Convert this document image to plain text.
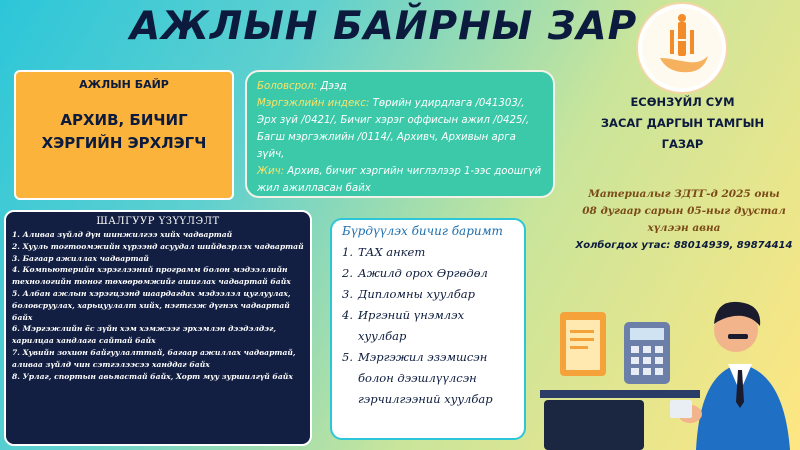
АЖЛЫН БАЙРНЫ ЗАР
АЖЛЫН БАЙР
АРХИВ, БИЧИГ ХЭРГИЙН ЭРХЛЭГЧ

Боловсрол: Дээд

Мэргэжлийн индекс: Төрийн удирдлага /041303/, Эрх зүй /0421/, Бичиг хэрэг оффисын ажил /0425/, Багш мэргэжлийн /0114/, Архивч, Архивын арга зүйч,

Жич: Архив, бичиг хэргийн чиглэлээр 1-ээс доошгүй жил ажилласан байх

ЕСӨНЗҮЙЛ СУМ
ЗАСАГ ДАРГЫН ТАМГЫН
ГАЗАР
Материалыг ЗДТГ-д 2025 оны
08 дугаар сарын 05-ныг дуустал
хүлээн авна
Холбогдох утас: 88014939, 89874414
ШАЛГУУР ҮЗҮҮЛЭЛТ
1. Аливаа зүйлд дүн шинжилгээ хийх чадвартай
2. Хууль тогтоомжийн хүрээнд асуудал шийдвэрлэх чадвартай
3. Багаар ажиллах чадвартай
4. Компьютерийн хэрэглээний программ болон мэдээллийн технологийн тоног төхөөрөмжийг ашиглах чадвартай байх
5. Албан ажлын хэрэгцээнд шаардагдах мэдээлэл цуглуулах, боловсруулах, харьцуулалт хийх, нэгтгэж дүгнэх чадвартай байх
6. Мэргэжлийн ёс зүйн хэм хэмжээг эрхэмлэн дээдэлдэг, харилцаа хандлага сайтай байх
7. Хувийн зохион байгуулалттай, багаар ажиллах чадвартай, аливаа зүйлд чин сэтгэлээсээ ханддаг байх
8. Урлаг, спортын авьяастай байх, Хорт муу зуршилгүй байх
Бүрдүүлэх бичиг баримт
1. ТАХ анкет
2. Ажилд орох Өргөдөл
3. Дипломны хуулбар
4. Иргэний үнэмлэх хуулбар
5. Мэргэжил эзэмшсэн болон дээшлүүлсэн гэрчилгээний хуулбар
